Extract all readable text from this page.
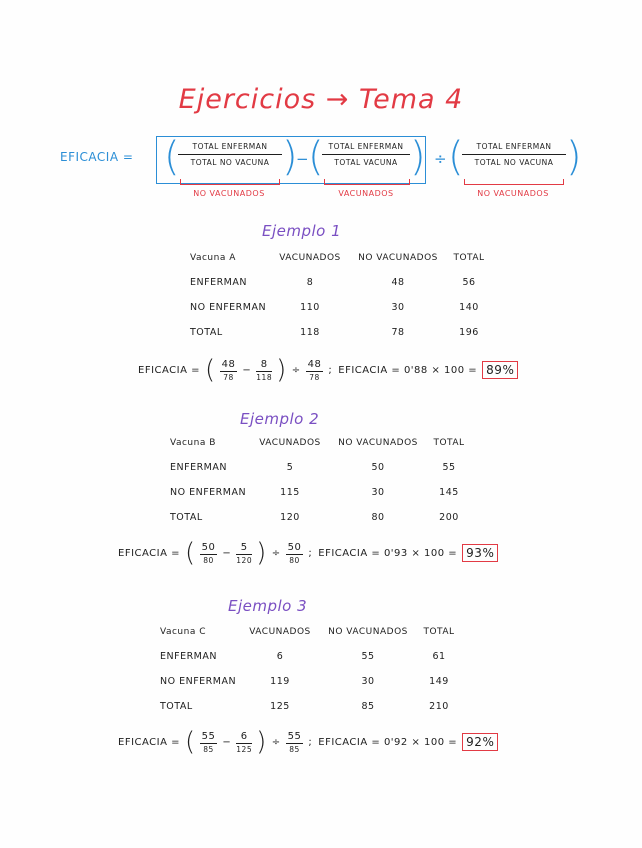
Ejercicios → Tema 4
EFICACIA = (	TOTAL ENFERMAN
TOTAL NO VACUNA )
−
( TOTAL ENFERMAN
TOTAL VACUNA ) ÷ (	TOTAL ENFERMAN
TOTAL NO VACUNA )
NO VACUNADOS	VACUNADOS	NO VACUNADOS
Ejemplo 1
Vacuna A	VACUNADOS	NO VACUNADOS	TOTAL
ENFERMAN	8	48	56
NO ENFERMAN	110	30	140
TOTAL	118	78	196
EFICACIA = ( 48
78
−
8
118 ) ÷
48
78
; EFICACIA = 0'88 × 100 = 89%
Ejemplo 2
Vacuna B	VACUNADOS	NO VACUNADOS	TOTAL
ENFERMAN	5	50	55
NO ENFERMAN	115	30	145
TOTAL	120	80	200
EFICACIA = ( 50
80
−
5
120 ) ÷
50
80
; EFICACIA = 0'93 × 100 = 93%
Ejemplo 3
Vacuna C	VACUNADOS	NO VACUNADOS	TOTAL
ENFERMAN	6	55	61
NO ENFERMAN	119	30	149
TOTAL	125	85	210
EFICACIA = ( 55
85
−
6
125 ) ÷
55
85
; EFICACIA = 0'92 × 100 = 92%
